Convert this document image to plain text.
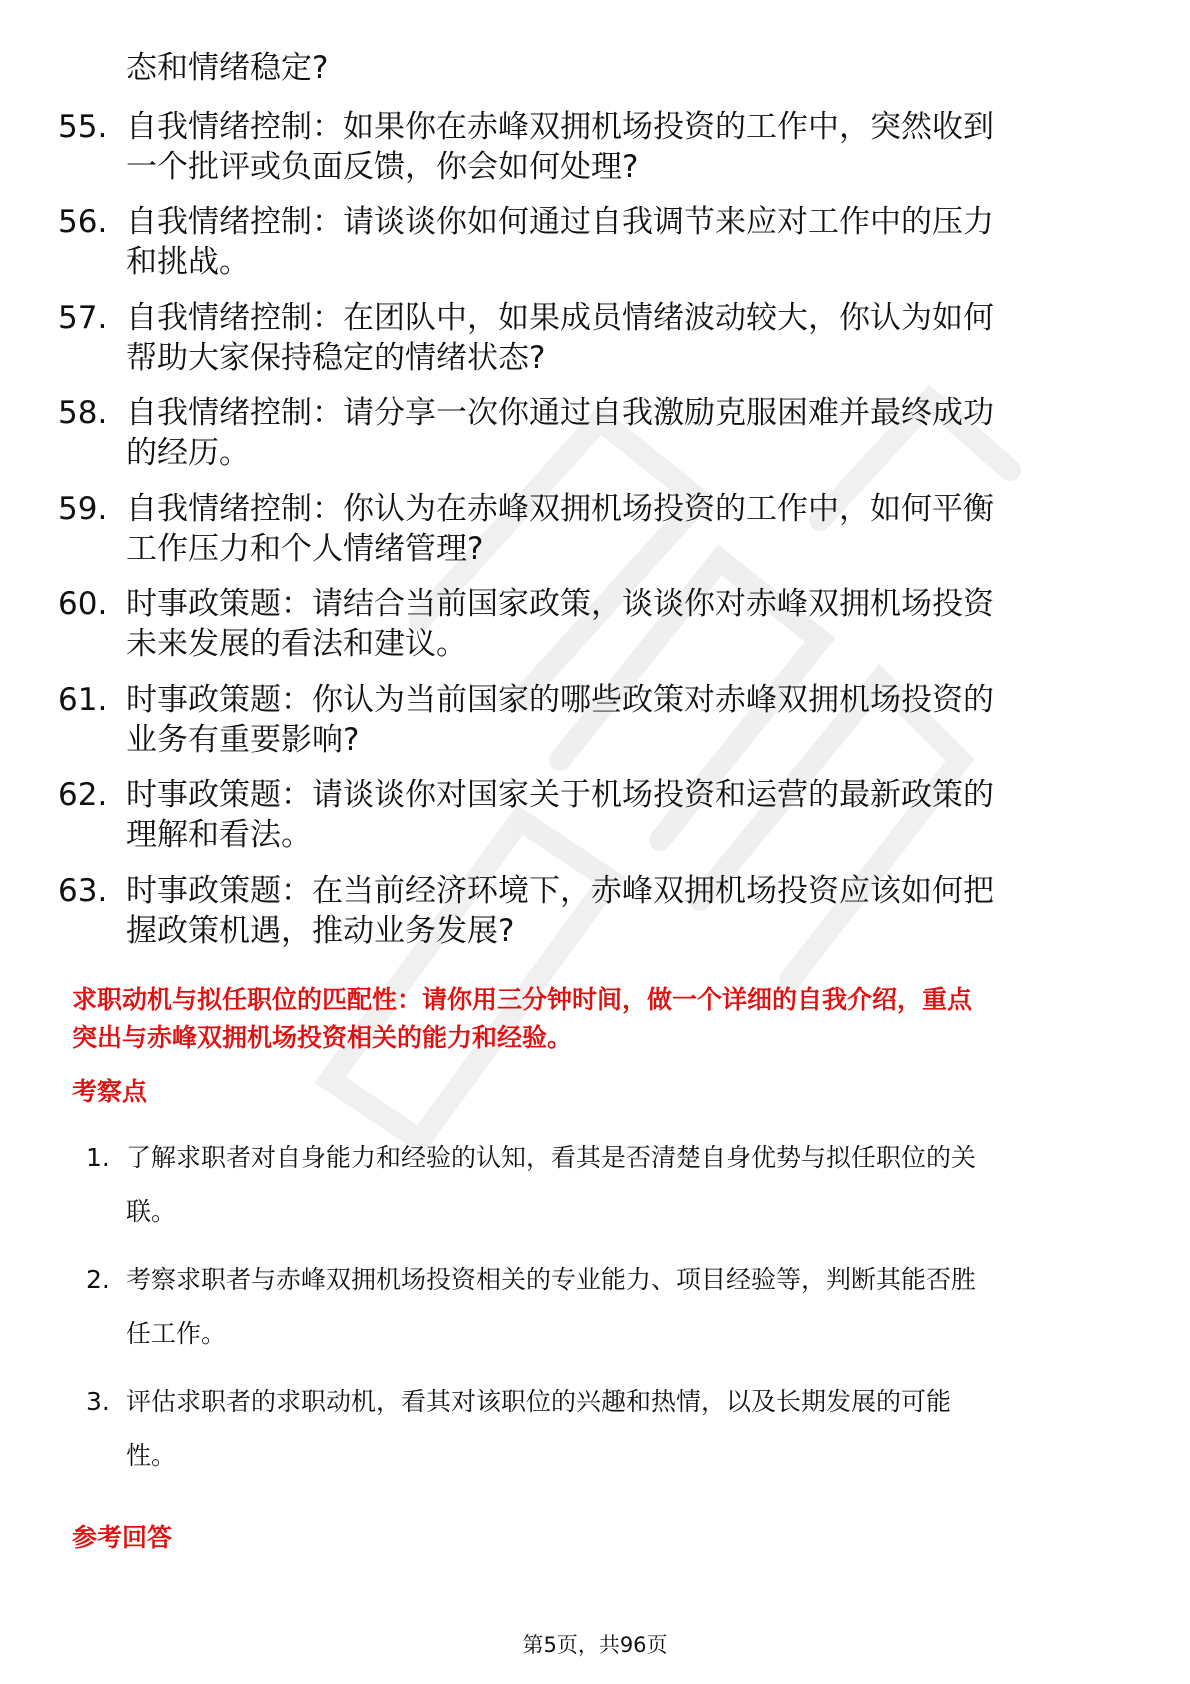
态和情绪稳定?
55. 自我情绪控制：如果你在赤峰双拥机场投资的工作中，突然收到
一个批评或负面反馈，你会如何处理?
56. 自我情绪控制：请谈谈你如何通过自我调节来应对工作中的压力
和挑战。
57. 自我情绪控制：在团队中，如果成员情绪波动较大，你认为如何
帮助大家保持稳定的情绪状态?
58. 自我情绪控制：请分享一次你通过自我激励克服困难并最终成功
的经历。
59. 自我情绪控制：你认为在赤峰双拥机场投资的工作中，如何平衡
工作压力和个人情绪管理?
60. 时事政策题：请结合当前国家政策，谈谈你对赤峰双拥机场投资
未来发展的看法和建议。
61. 时事政策题：你认为当前国家的哪些政策对赤峰双拥机场投资的
业务有重要影响?
62. 时事政策题：请谈谈你对国家关于机场投资和运营的最新政策的
理解和看法。
63. 时事政策题：在当前经济环境下，赤峰双拥机场投资应该如何把
握政策机遇，推动业务发展?
求职动机与拟任职位的匹配性：请你用三分钟时间，做一个详细的自我介绍，重点
突出与赤峰双拥机场投资相关的能力和经验。
考察点
1. 了解求职者对自身能力和经验的认知，看其是否清楚自身优势与拟任职位的关
联。
2. 考察求职者与赤峰双拥机场投资相关的专业能力、项目经验等，判断其能否胜
任工作。
3. 评估求职者的求职动机，看其对该职位的兴趣和热情，以及长期发展的可能
性。
参考回答
第5页，共96页
